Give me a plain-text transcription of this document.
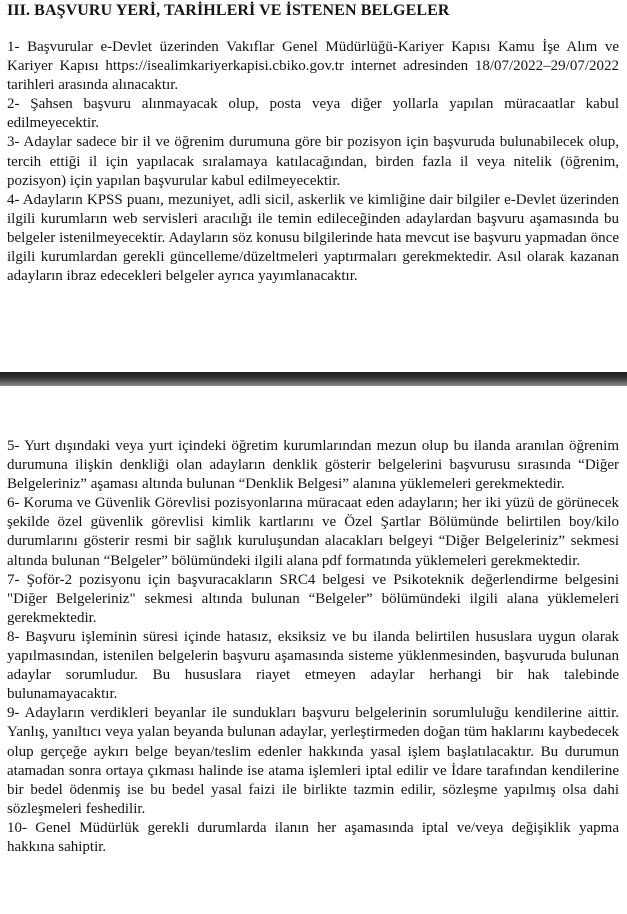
III. BAŞVURU YERİ, TARİHLERİ VE İSTENEN BELGELER

1- Başvurular e-Devlet üzerinden Vakıflar Genel Müdürlüğü-Kariyer Kapısı Kamu İşe Alım ve Kariyer Kapısı https://isealimkariyerkapisi.cbiko.gov.tr internet adresinden 18/07/2022–29/07/2022 tarihleri arasında alınacaktır.

2- Şahsen başvuru alınmayacak olup, posta veya diğer yollarla yapılan müracaatlar kabul edilmeyecektir.

3- Adaylar sadece bir il ve öğrenim durumuna göre bir pozisyon için başvuruda bulunabilecek olup, tercih ettiği il için yapılacak sıralamaya katılacağından, birden fazla il veya nitelik (öğrenim, pozisyon) için yapılan başvurular kabul edilmeyecektir.

4- Adayların KPSS puanı, mezuniyet, adli sicil, askerlik ve kimliğine dair bilgiler e-Devlet üzerinden ilgili kurumların web servisleri aracılığı ile temin edileceğinden adaylardan başvuru aşamasında bu belgeler istenilmeyecektir. Adayların söz konusu bilgilerinde hata mevcut ise başvuru yapmadan önce ilgili kurumlardan gerekli güncelleme/düzeltmeleri yaptırmaları gerekmektedir. Asıl olarak kazanan adayların ibraz edecekleri belgeler ayrıca yayımlanacaktır.

5- Yurt dışındaki veya yurt içindeki öğretim kurumlarından mezun olup bu ilanda aranılan öğrenim durumuna ilişkin denkliği olan adayların denklik gösterir belgelerini başvurusu sırasında “Diğer Belgeleriniz” aşaması altında bulunan “Denklik Belgesi” alanına yüklemeleri gerekmektedir.

6- Koruma ve Güvenlik Görevlisi pozisyonlarına müracaat eden adayların; her iki yüzü de görünecek şekilde özel güvenlik görevlisi kimlik kartlarını ve Özel Şartlar Bölümünde belirtilen boy/kilo durumlarını gösterir resmi bir sağlık kuruluşundan alacakları belgeyi “Diğer Belgeleriniz” sekmesi altında bulunan “Belgeler” bölümündeki ilgili alana pdf formatında yüklemeleri gerekmektedir.

7- Şoför-2 pozisyonu için başvuracakların SRC4 belgesi ve Psikoteknik değerlendirme belgesini "Diğer Belgeleriniz" sekmesi altında bulunan “Belgeler” bölümündeki ilgili alana yüklemeleri gerekmektedir.

8- Başvuru işleminin süresi içinde hatasız, eksiksiz ve bu ilanda belirtilen hususlara uygun olarak yapılmasından, istenilen belgelerin başvuru aşamasında sisteme yüklenmesinden, başvuruda bulunan adaylar sorumludur. Bu hususlara riayet etmeyen adaylar herhangi bir hak talebinde bulunamayacaktır.

9- Adayların verdikleri beyanlar ile sundukları başvuru belgelerinin sorumluluğu kendilerine aittir. Yanlış, yanıltıcı veya yalan beyanda bulunan adaylar, yerleştirmeden doğan tüm haklarını kaybedecek olup gerçeğe aykırı belge beyan/teslim edenler hakkında yasal işlem başlatılacaktır. Bu durumun atamadan sonra ortaya çıkması halinde ise atama işlemleri iptal edilir ve İdare tarafından kendilerine bir bedel ödenmiş ise bu bedel yasal faizi ile birlikte tazmin edilir, sözleşme yapılmış olsa dahi sözleşmeleri feshedilir.

10- Genel Müdürlük gerekli durumlarda ilanın her aşamasında iptal ve/veya değişiklik yapma hakkına sahiptir.
